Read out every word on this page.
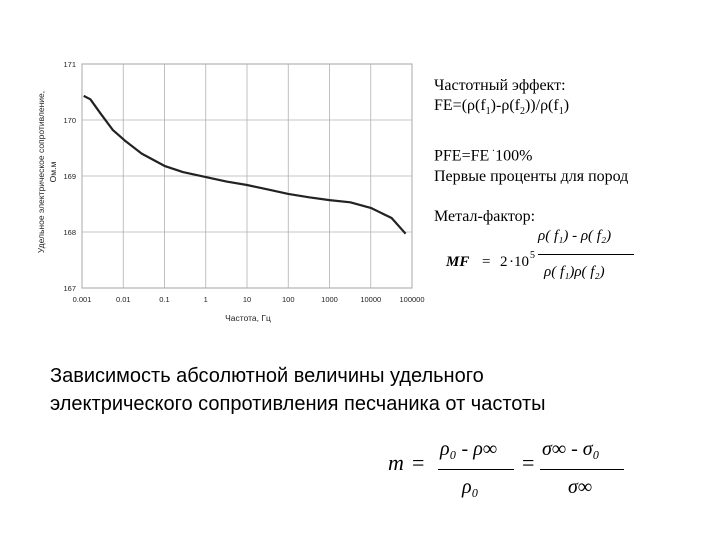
167
168
169
170
171
0.001	0.01	0.1	1	10	100	1000	10000 100000
Частота, Гц
Удельное электрическое сопротивление, Ом.м
Частотный эффект:
$FE=(\rho(f_1)-\rho(f_2))/\rho(f_1)$
PFE=FE ·100%
Первые проценты для пород
Метал-фактор:
MF = 2 · 10 5
ρ( f₁) - ρ( f₂)
ρ( f₁)ρ( f₂)
Зависимость абсолютной величины удельного
электрического сопротивления песчаника от частоты
m =
ρ₀ - ρ∞
ρ₀
=
σ∞ - σ₀
σ∞
